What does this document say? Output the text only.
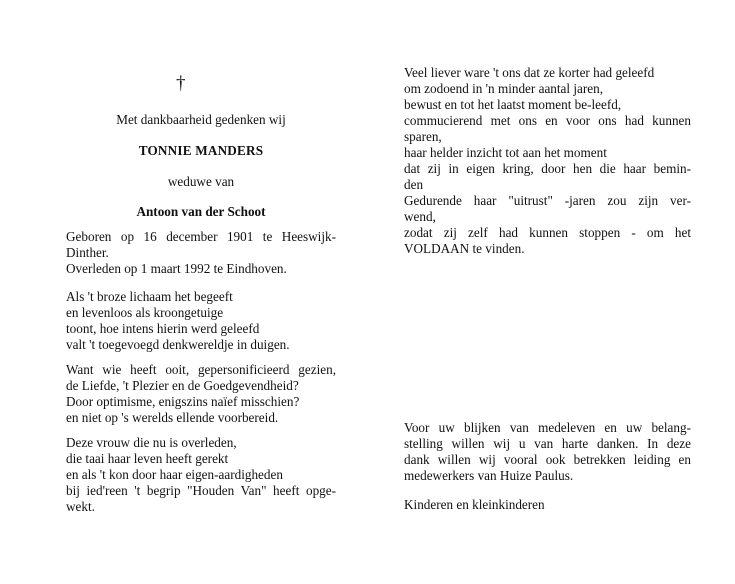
†
Met dankbaarheid gedenken wij
TONNIE MANDERS
weduwe van
Antoon van der Schoot
Geboren op 16 december 1901 te Heeswijk-
Dinther.
Overleden op 1 maart 1992 te Eindhoven.
Als 't broze lichaam het begeeft
en levenloos als kroongetuige
toont, hoe intens hierin werd geleefd
valt 't toegevoegd denkwereldje in duigen.
Want wie heeft ooit, gepersonificieerd gezien,
de Liefde, 't Plezier en de Goedgevendheid?
Door optimisme, enigszins naïef misschien?
en niet op 's werelds ellende voorbereid.
Deze vrouw die nu is overleden,
die taai haar leven heeft gerekt
en als 't kon door haar eigen-aardigheden
bij ied'reen 't begrip "Houden Van" heeft opge-
wekt.
Veel liever ware 't ons dat ze korter had geleefd
om zodoend in 'n minder aantal jaren,
bewust en tot het laatst moment be-leefd,
commucierend met ons en voor ons had kunnen
sparen,
haar helder inzicht tot aan het moment
dat zij in eigen kring, door hen die haar bemin-
den
Gedurende haar "uitrust" -jaren zou zijn ver-
wend,
zodat zij zelf had kunnen stoppen - om het
VOLDAAN te vinden.
Voor uw blijken van medeleven en uw belang-
stelling willen wij u van harte danken. In deze
dank willen wij vooral ook betrekken leiding en
medewerkers van Huize Paulus.
Kinderen en kleinkinderen
